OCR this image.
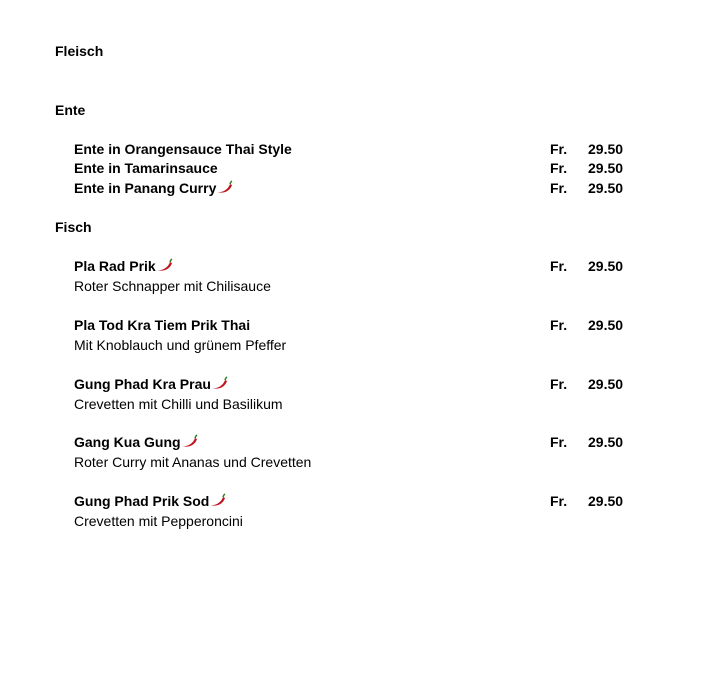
Fleisch
Ente
Ente in Orangensauce Thai Style	Fr. 29.50
Ente in Tamarinsauce	Fr. 29.50
Ente in Panang Curry	Fr. 29.50
Fisch
Pla Rad Prik	Fr. 29.50
Roter Schnapper mit Chilisauce
Pla Tod Kra Tiem Prik Thai	Fr. 29.50
Mit Knoblauch und grünem Pfeffer
Gung Phad Kra Prau	Fr. 29.50
Crevetten mit Chilli und Basilikum
Gang Kua Gung	Fr. 29.50
Roter Curry mit Ananas und Crevetten
Gung Phad Prik Sod	Fr. 29.50
Crevetten mit Pepperoncini
